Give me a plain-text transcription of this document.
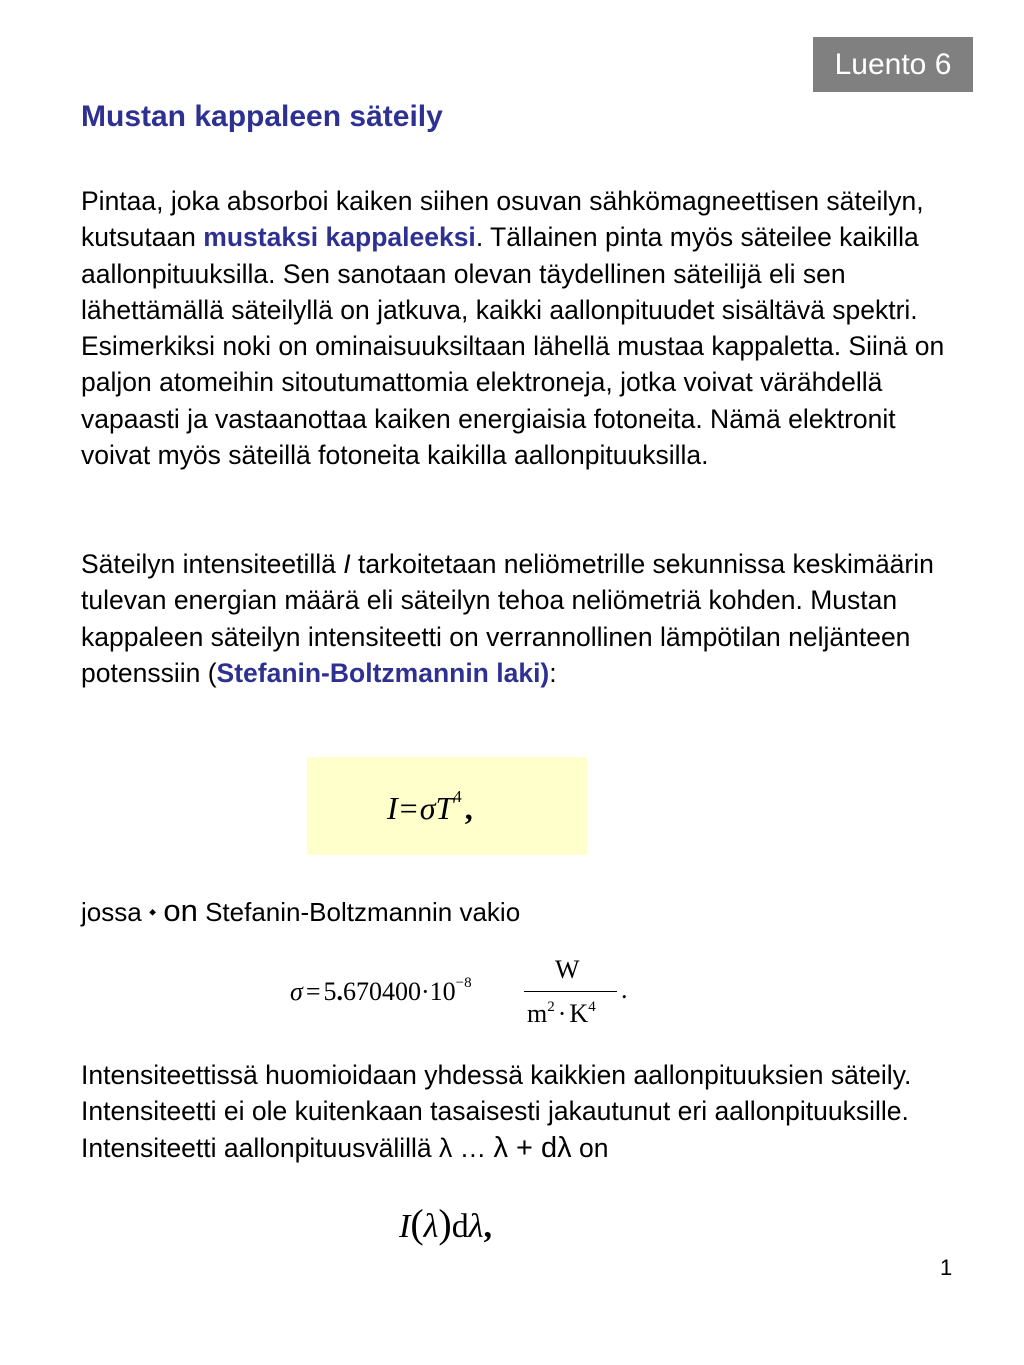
Luento 6
Mustan kappaleen säteily

Pintaa, joka absorboi kaiken siihen osuvan sähkömagneettisen säteilyn, kutsutaan mustaksi kappaleeksi. Tällainen pinta myös säteilee kaikilla aallonpituuksilla. Sen sanotaan olevan täydellinen säteilijä eli sen lähettämällä säteilyllä on jatkuva, kaikki aallonpituudet sisältävä spektri. Esimerkiksi noki on ominaisuuksiltaan lähellä mustaa kappaletta. Siinä on paljon atomeihin sitoutumattomia elektroneja, jotka voivat värähdellä vapaasti ja vastaanottaa kaiken energiaisia fotoneita. Nämä elektronit voivat myös säteillä fotoneita kaikilla aallonpituuksilla.

Säteilyn intensiteetillä I tarkoitetaan neliömetrille sekunnissa keskimäärin tulevan energian määrä eli säteilyn tehoa neliömetriä kohden. Mustan kappaleen säteilyn intensiteetti on verrannollinen lämpötilan neljänteen potenssiin (Stefanin-Boltzmannin laki):

$I=\sigma T^4$,
jossa ⬩ on Stefanin-Boltzmannin vakio
$\sigma = 5.670400\cdot 10^{-8}$	W
$m^2 \cdot K^4$
.

Intensiteettissä huomioidaan yhdessä kaikkien aallonpituuksien säteily. Intensiteetti ei ole kuitenkaan tasaisesti jakautunut eri aallonpituuksille. Intensiteetti aallonpituusvälillä λ … λ + dλ on

I(λ)dλ,
1
